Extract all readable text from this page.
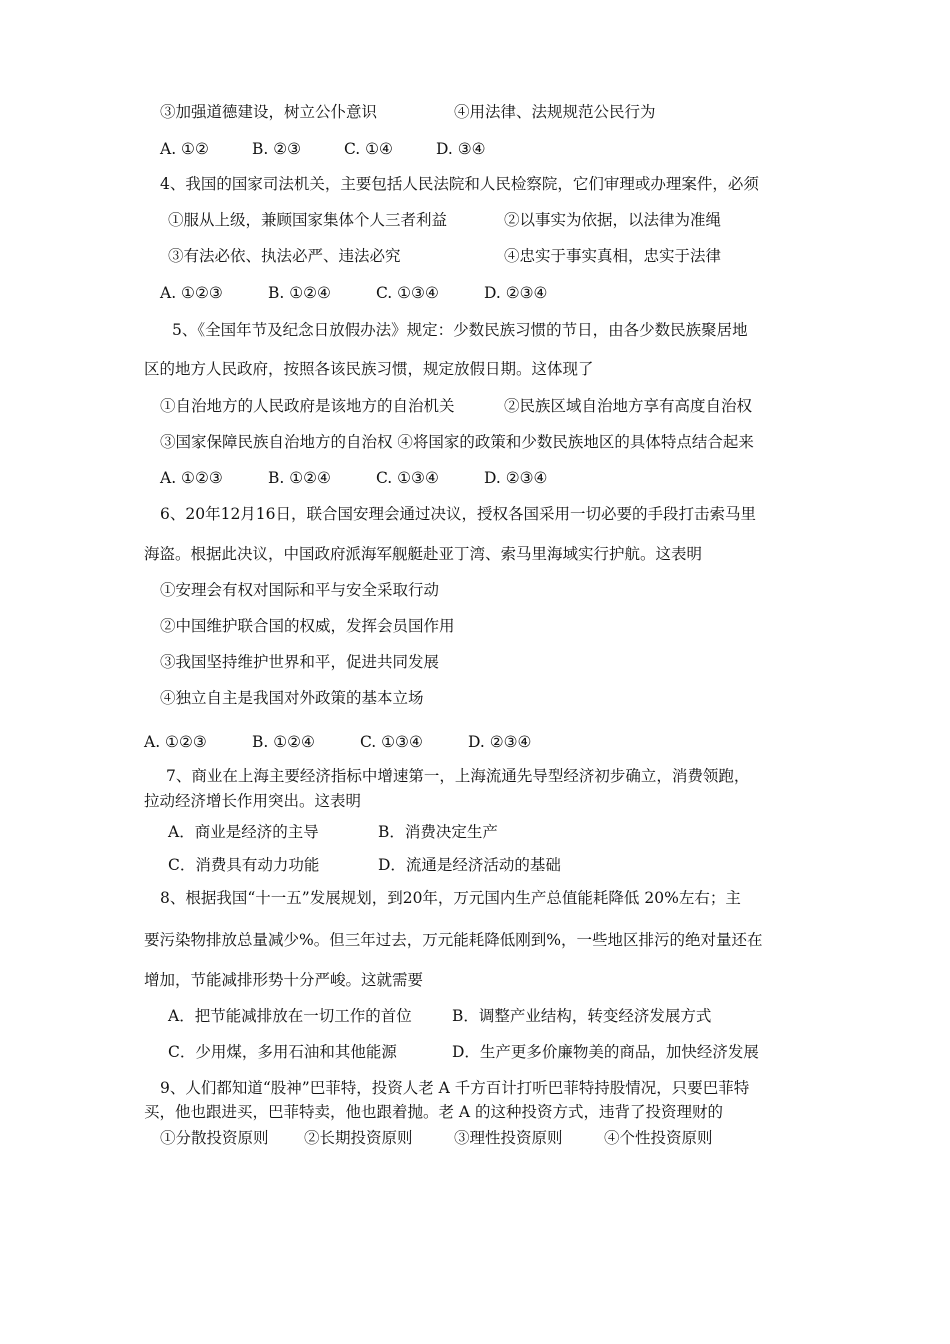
③加强道德建设，树立公仆意识	④用法律、法规规范公民行为
A. ①②	B. ②③	C. ①④	D. ③④
4、我国的国家司法机关，主要包括人民法院和人民检察院，它们审理或办理案件，必须
①服从上级，兼顾国家集体个人三者利益	②以事实为依据，以法律为准绳
③有法必依、执法必严、违法必究	④忠实于事实真相，忠实于法律
A. ①②③	B. ①②④	C. ①③④	D. ②③④
5、《全国年节及纪念日放假办法》规定：少数民族习惯的节日，由各少数民族聚居地
区的地方人民政府，按照各该民族习惯，规定放假日期。这体现了
①自治地方的人民政府是该地方的自治机关	②民族区域自治地方享有高度自治权
③国家保障民族自治地方的自治权 ④将国家的政策和少数民族地区的具体特点结合起来
A. ①②③	B. ①②④	C. ①③④	D. ②③④
6、20年12月16日，联合国安理会通过决议，授权各国采用一切必要的手段打击索马里
海盗。根据此决议，中国政府派海军舰艇赴亚丁湾、索马里海域实行护航。这表明
①安理会有权对国际和平与安全采取行动
②中国维护联合国的权威，发挥会员国作用
③我国坚持维护世界和平，促进共同发展
④独立自主是我国对外政策的基本立场
A. ①②③	B. ①②④	C. ①③④	D. ②③④
7、商业在上海主要经济指标中增速第一，上海流通先导型经济初步确立，消费领跑，
拉动经济增长作用突出。这表明
A．商业是经济的主导	B．消费决定生产
C．消费具有动力功能	D．流通是经济活动的基础
8、根据我国“十一五”发展规划，到20年，万元国内生产总值能耗降低 20%左右；主
要污染物排放总量减少%。但三年过去，万元能耗降低刚到%，一些地区排污的绝对量还在
增加，节能减排形势十分严峻。这就需要
A．把节能减排放在一切工作的首位	B．调整产业结构，转变经济发展方式
C．少用煤，多用石油和其他能源	D．生产更多价廉物美的商品，加快经济发展
9、人们都知道“股神”巴菲特，投资人老 A 千方百计打听巴菲特持股情况，只要巴菲特
买，他也跟进买，巴菲特卖，他也跟着抛。老 A 的这种投资方式，违背了投资理财的
①分散投资原则 ②长期投资原则	③理性投资原则	④个性投资原则
